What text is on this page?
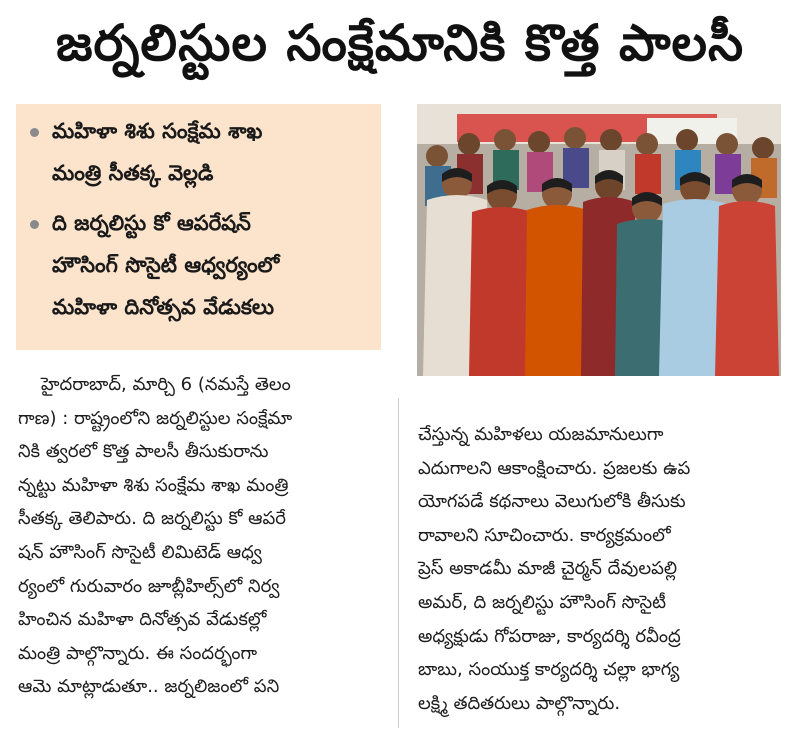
జర్నలిస్టుల సంక్షేమానికి కొత్త పాలసీ
మహిళా శిశు సంక్షేమ శాఖ
మంత్రి సీతక్క వెల్లడి
ది జర్నలిస్టు కో ఆపరేషన్
హౌసింగ్ సొసైటీ ఆధ్వర్యంలో
మహిళా దినోత్సవ వేడుకలు
హైదరాబాద్, మార్చి 6 (నమస్తే తెలం
గాణ) : రాష్ట్రంలోని జర్నలిస్టుల సంక్షేమా
నికి త్వరలో కొత్త పాలసీ తీసుకురాను
న్నట్టు మహిళా శిశు సంక్షేమ శాఖ మంత్రి
సీతక్క తెలిపారు. ది జర్నలిస్టు కో ఆపరే
షన్ హౌసింగ్ సొసైటీ లిమిటెడ్ ఆధ్వ
ర్యంలో గురువారం జూబ్లీహిల్స్‌లో నిర్వ
హించిన మహిళా దినోత్సవ వేడుకల్లో
మంత్రి పాల్గొన్నారు. ఈ సందర్భంగా
ఆమె మాట్లాడుతూ.. జర్నలిజంలో పని
చేస్తున్న మహిళలు యజమానులుగా
ఎదుగాలని ఆకాంక్షించారు. ప్రజలకు ఉప
యోగపడే కథనాలు వెలుగులోకి తీసుకు
రావాలని సూచించారు. కార్యక్రమంలో
ప్రెస్ అకాడమీ మాజీ చైర్మన్ దేవులపల్లి
అమర్, ది జర్నలిస్టు హౌసింగ్ సొసైటీ
అధ్యక్షుడు గోపరాజు, కార్యదర్శి రవీంద్ర
బాబు, సంయుక్త కార్యదర్శి చల్లా భాగ్య
లక్ష్మి తదితరులు పాల్గొన్నారు.
